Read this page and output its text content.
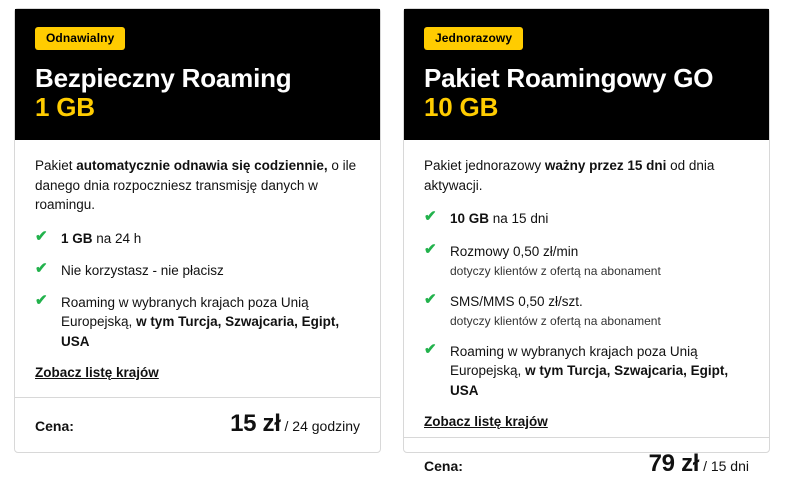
Odnawialny
Bezpieczny Roaming
1 GB

Pakiet automatycznie odnawia się codziennie, o ile danego dnia rozpoczniesz transmisję danych w roamingu.

✔ 1 GB na 24 h
✔ Nie korzystasz - nie płacisz
✔ Roaming w wybranych krajach poza Unią Europejską, w tym Turcja, Szwajcaria, Egipt, USA
Zobacz listę krajów
Cena:	15 zł / 24 godziny
Jednorazowy
Pakiet Roamingowy GO
10 GB

Pakiet jednorazowy ważny przez 15 dni od dnia aktywacji.

✔ 10 GB na 15 dni
✔ Rozmowy 0,50 zł/min
dotyczy klientów z ofertą na abonament
✔ SMS/MMS 0,50 zł/szt.
dotyczy klientów z ofertą na abonament
✔ Roaming w wybranych krajach poza Unią Europejską, w tym Turcja, Szwajcaria, Egipt, USA
Zobacz listę krajów
Cena:	79 zł / 15 dni
